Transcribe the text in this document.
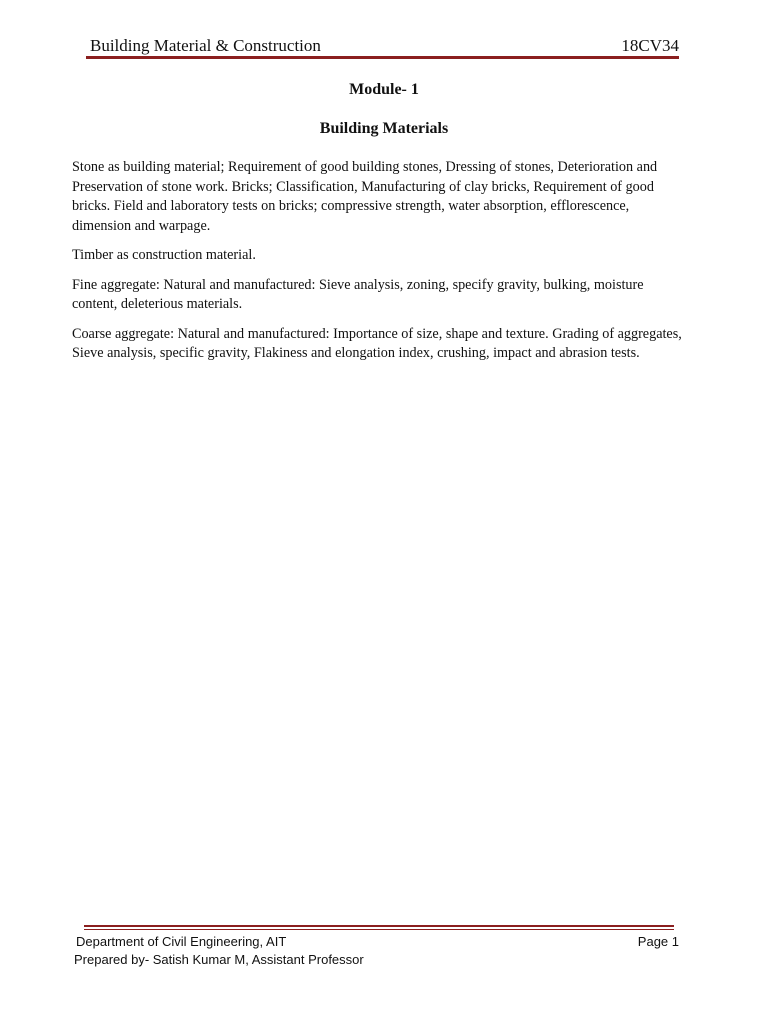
Building Material & Construction	18CV34
Module- 1
Building Materials

Stone as building material; Requirement of good building stones, Dressing of stones, Deterioration and Preservation of stone work. Bricks; Classification, Manufacturing of clay bricks, Requirement of good bricks. Field and laboratory tests on bricks; compressive strength, water absorption, efflorescence, dimension and warpage.

Timber as construction material.

Fine aggregate: Natural and manufactured: Sieve analysis, zoning, specify gravity, bulking, moisture content, deleterious materials.

Coarse aggregate: Natural and manufactured: Importance of size, shape and texture. Grading of aggregates, Sieve analysis, specific gravity, Flakiness and elongation index, crushing, impact and abrasion tests.

Department of Civil Engineering, AIT	Page 1
Prepared by- Satish Kumar M, Assistant Professor
